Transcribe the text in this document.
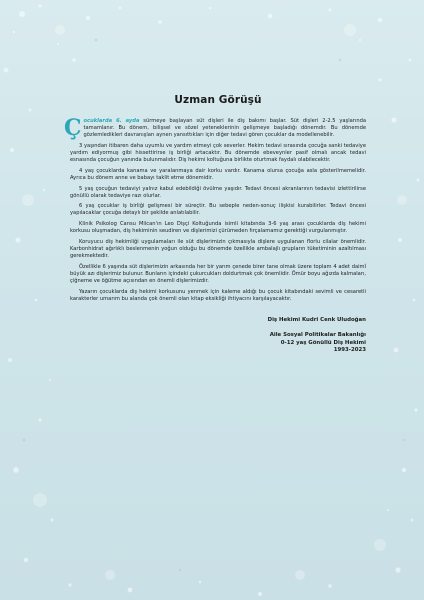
Uzman Görüşü

Çocuklarda 6. ayda sürmeye başlayan süt dişleri ile diş bakımı başlar. Süt dişleri 2-2.5 yaşlarında tamamlanır. Bu dönem, bilişsel ve sözel yeteneklerinin gelişmeye başladığı dönemdir. Bu dönemde gözlemledikleri davranışları aynen yansıttıkları için diğer tedavi gören çocuklar da modellenebilir.

3 yaşından itibaren daha uyumlu ve yardım etmeyi çok severler. Hekim tedavi sırasında çocuğa sanki tedaviye yardım ediyormuş gibi hissettirirse iş birliği artacaktır. Bu dönemde ebeveynler pasif olmalı ancak tedavi esnasında çocuğun yanında bulunmalıdır. Diş hekimi koltuğuna birlikte oturtmak faydalı olabilecektir.

4 yaş çocuklarda kanama ve yaralanmaya dair korku vardır. Kanama olursa çocuğa asla gösterilmemelidir. Ayrıca bu dönem anne ve babayı taklit etme dönemidir.

5 yaş çocuğun tedaviyi yalnız kabul edebildiği övülme yaşıdır. Tedavi öncesi akranlarının tedavisi izlettirilirse gönüllü olarak tedaviye razı olurlar.

6 yaş çocuklar iş birliği gelişmesi bir süreçtir. Bu sebeple neden-sonuç ilişkisi kurabilirler. Tedavi öncesi yapılacaklar çocuğa detaylı bir şekilde anlatılabilir.

Klinik Psikolog Cansu Milcan'ın Leo Dişçi Koltuğunda isimli kitabında 3-6 yaş arası çocuklarda diş hekimi korkusu oluşmadan, diş hekiminin seudiren ve dişlerimizi çürümeden fırçalamamız gerektiği vurgulanmıştır.

Koruyucu diş hekimliği uygulamaları ile süt dişlerimizin çıkmasıyla dişlere uygulanan florlu cilalar önemlidir. Karbonhidrat ağırlıklı beslenmenin yoğun olduğu bu dönemde özellikle ambalajlı grupların tüketiminin azaltılması gerekmektedir.

Özellikle 6 yaşında süt dişlerimizin arkasında her bir yarım çenede birer tane olmak üzere toplam 4 adet daimî büyük azı dişlerimiz bulunur. Bunların içindeki çukurcukları doldurtmak çok önemlidir. Ömür boyu ağızda kalmaları, çiğneme ve öğütme açısından en önemli dişlerimizdir.

Yazarın çocuklarda diş hekimi korkusunu yenmek için kaleme aldığı bu çocuk kitabındaki sevimli ve cesaretli karakterler umarım bu alanda çok önemli olan kitap eksikliği ihtiyacını karşılayacaktır.

Diş Hekimi Kudri Cenk Uludoğan
Aile Sosyal Politikalar Bakanlığı
0-12 yaş Gönüllü Diş Hekimi
1993-2023
